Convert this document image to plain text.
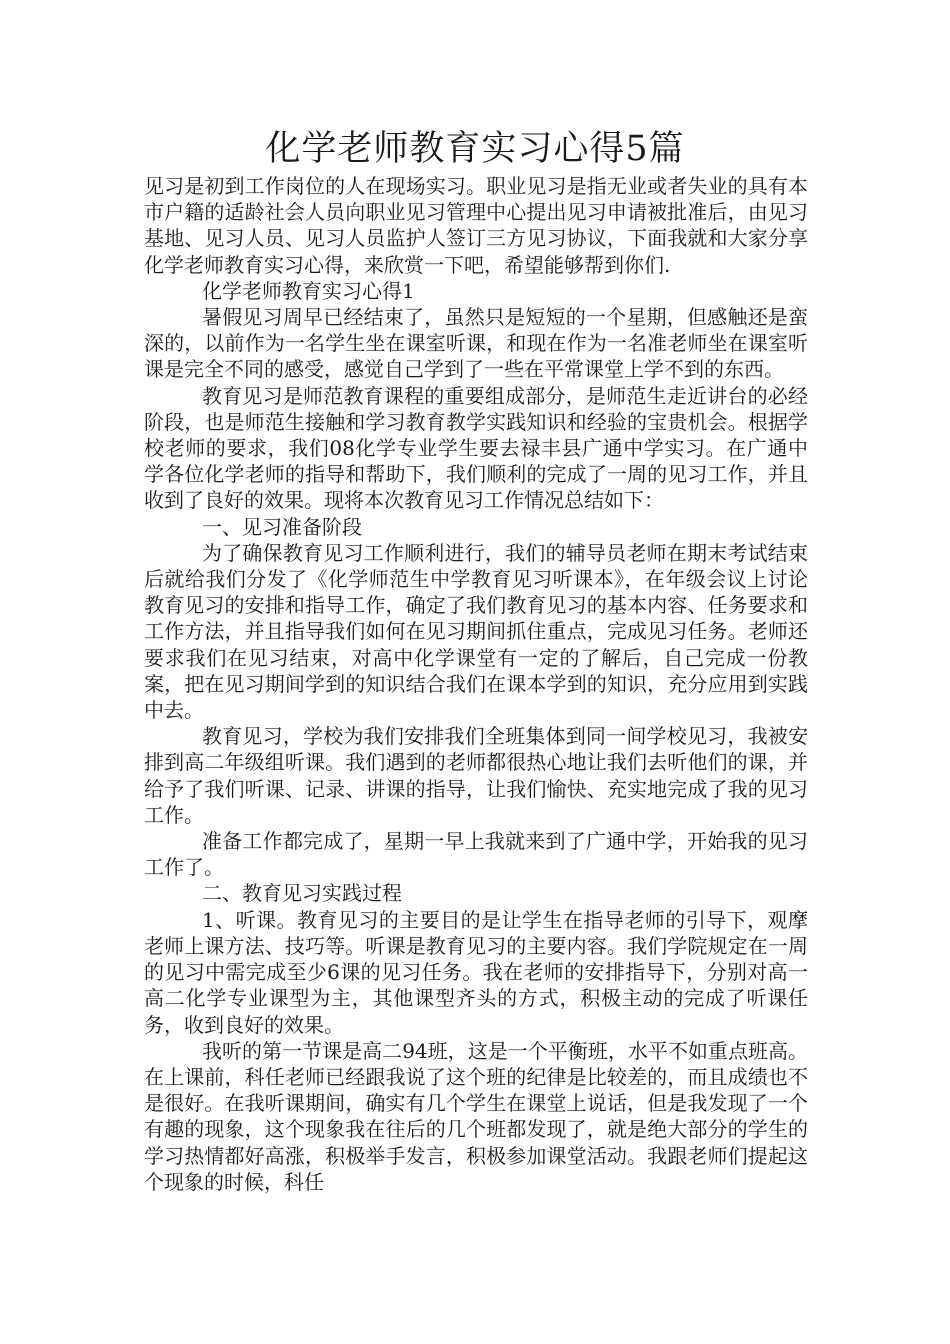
化学老师教育实习心得5篇

见习是初到工作岗位的人在现场实习。职业见习是指无业或者失业的具有本市户籍的适龄社会人员向职业见习管理中心提出见习申请被批准后，由见习基地、见习人员、见习人员监护人签订三方见习协议，下面我就和大家分享化学老师教育实习心得，来欣赏一下吧，希望能够帮到你们.

化学老师教育实习心得1

暑假见习周早已经结束了，虽然只是短短的一个星期，但感触还是蛮深的，以前作为一名学生坐在课室听课，和现在作为一名准老师坐在课室听课是完全不同的感受，感觉自己学到了一些在平常课堂上学不到的东西。

教育见习是师范教育课程的重要组成部分，是师范生走近讲台的必经阶段，也是师范生接触和学习教育教学实践知识和经验的宝贵机会。根据学校老师的要求，我们08化学专业学生要去禄丰县广通中学实习。在广通中学各位化学老师的指导和帮助下，我们顺利的完成了一周的见习工作，并且收到了良好的效果。现将本次教育见习工作情况总结如下：

一、见习准备阶段

为了确保教育见习工作顺利进行，我们的辅导员老师在期末考试结束后就给我们分发了《化学师范生中学教育见习听课本》，在年级会议上讨论教育见习的安排和指导工作，确定了我们教育见习的基本内容、任务要求和工作方法，并且指导我们如何在见习期间抓住重点，完成见习任务。老师还要求我们在见习结束，对高中化学课堂有一定的了解后，自己完成一份教案，把在见习期间学到的知识结合我们在课本学到的知识，充分应用到实践中去。

教育见习，学校为我们安排我们全班集体到同一间学校见习，我被安排到高二年级组听课。我们遇到的老师都很热心地让我们去听他们的课，并给予了我们听课、记录、讲课的指导，让我们愉快、充实地完成了我的见习工作。

准备工作都完成了，星期一早上我就来到了广通中学，开始我的见习工作了。

二、教育见习实践过程

1、听课。教育见习的主要目的是让学生在指导老师的引导下，观摩老师上课方法、技巧等。听课是教育见习的主要内容。我们学院规定在一周的见习中需完成至少6课的见习任务。我在老师的安排指导下，分别对高一高二化学专业课型为主，其他课型齐头的方式，积极主动的完成了听课任务，收到良好的效果。

我听的第一节课是高二94班，这是一个平衡班，水平不如重点班高。在上课前，科任老师已经跟我说了这个班的纪律是比较差的，而且成绩也不是很好。在我听课期间，确实有几个学生在课堂上说话，但是我发现了一个有趣的现象，这个现象我在往后的几个班都发现了，就是绝大部分的学生的学习热情都好高涨，积极举手发言，积极参加课堂活动。我跟老师们提起这个现象的时候，科任
